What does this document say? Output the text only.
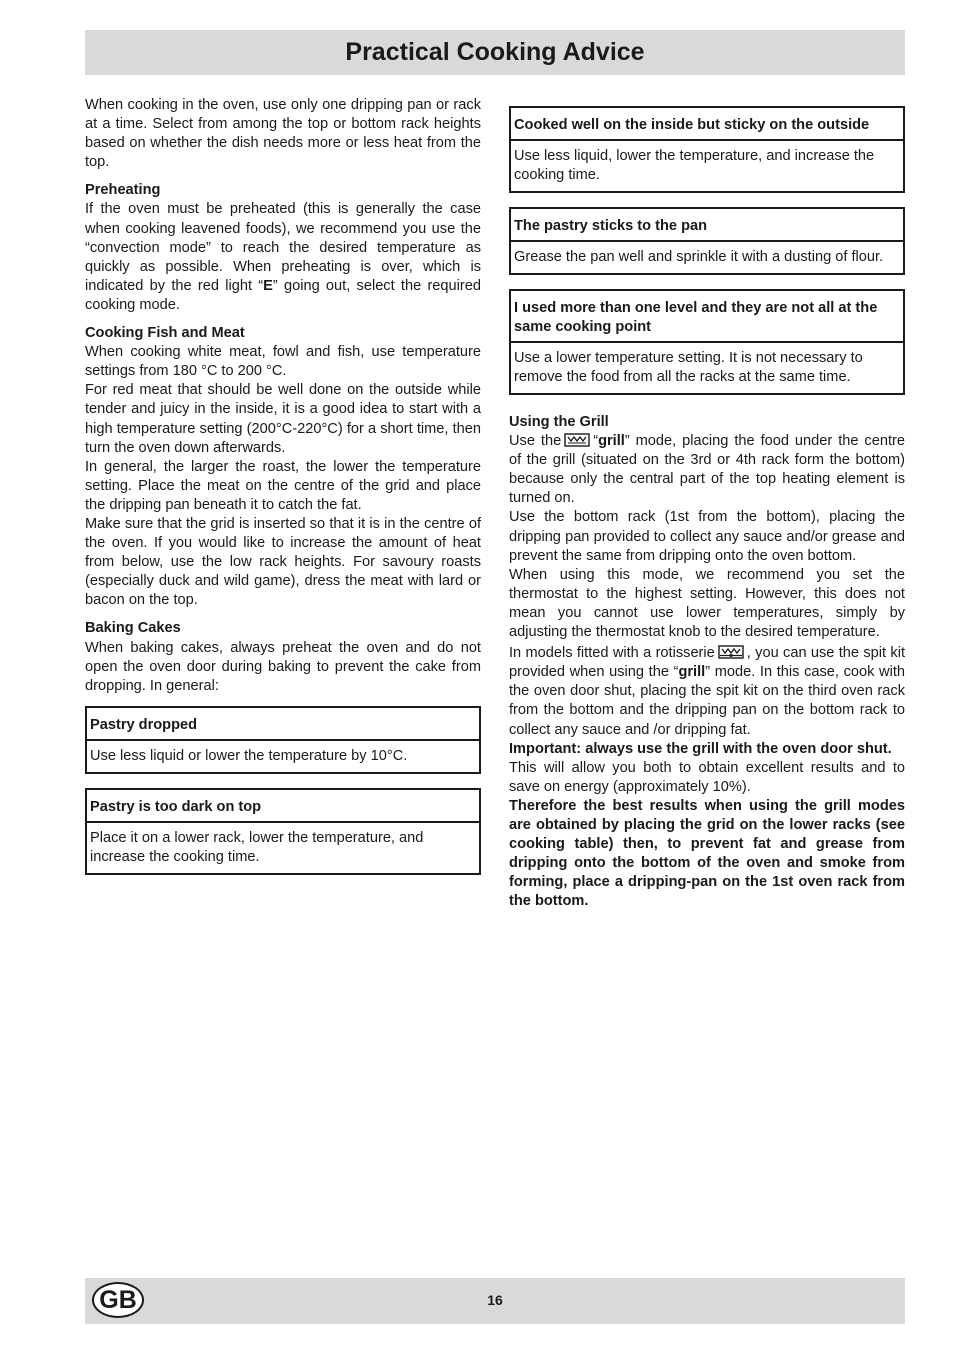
Practical Cooking Advice

When cooking in the oven, use only one dripping pan or rack at a time. Select from among the top or bottom rack heights based on whether the dish needs more or less heat from the top.

Preheating

If the oven must be preheated (this is generally the case when cooking leavened foods), we recommend you use the “convection mode” to reach the desired temperature as quickly as possible. When preheating is over, which is indicated by the red light “E” going out, select the required cooking mode.

Cooking Fish and Meat

When cooking white meat, fowl and fish, use temperature settings from 180 °C to 200 °C.

For red meat that should be well done on the outside while tender and juicy in the inside, it is a good idea to start with a high temperature setting (200°C-220°C) for a short time, then turn the oven down afterwards.

In general, the larger the roast, the lower the temperature setting. Place the meat on the centre of the grid and place the dripping pan beneath it to catch the fat.

Make sure that the grid is inserted so that it is in the centre of the oven. If you would like to increase the amount of heat from below, use the low rack heights. For savoury roasts (especially duck and wild game), dress the meat with lard or bacon on the top.

Baking Cakes

When baking cakes, always preheat the oven and do not open the oven door during baking to prevent the cake from dropping. In general:

Pastry dropped
Use less liquid or lower the temperature by 10°C.
Pastry is too dark on top
Place it on a lower rack, lower the temperature, and increase the cooking time.
Cooked well on the inside but sticky on the outside
Use less liquid, lower the temperature, and increase the cooking time.
The pastry sticks to the pan
Grease the pan well and sprinkle it with a dusting of flour.
I used more than one level and they are not all at the same cooking point
Use a lower temperature setting. It is not necessary to remove the food from all the racks at the same time.
Using the Grill

Use the “grill” mode, placing the food under the centre of the grill (situated on the 3rd or 4th rack form the bottom) because only the central part of the top heating element is turned on.

Use the bottom rack (1st from the bottom), placing the dripping pan provided to collect any sauce and/or grease and prevent the same from dripping onto the oven bottom.

When using this mode, we recommend you set the thermostat to the highest setting. However, this does not mean you cannot use lower temperatures, simply by adjusting the thermostat knob to the desired temperature.

In models fitted with a rotisserie , you can use the spit kit provided when using the “grill” mode. In this case, cook with the oven door shut, placing the spit kit on the third oven rack from the bottom and the dripping pan on the bottom rack to collect any sauce and /or dripping fat.

Important: always use the grill with the oven door shut.
This will allow you both to obtain excellent results and to save on energy (approximately 10%).

Therefore the best results when using the grill modes are obtained by placing the grid on the lower racks (see cooking table) then, to prevent fat and grease from dripping onto the bottom of the oven and smoke from forming, place a dripping-pan on the 1st oven rack from the bottom.

GB	16
